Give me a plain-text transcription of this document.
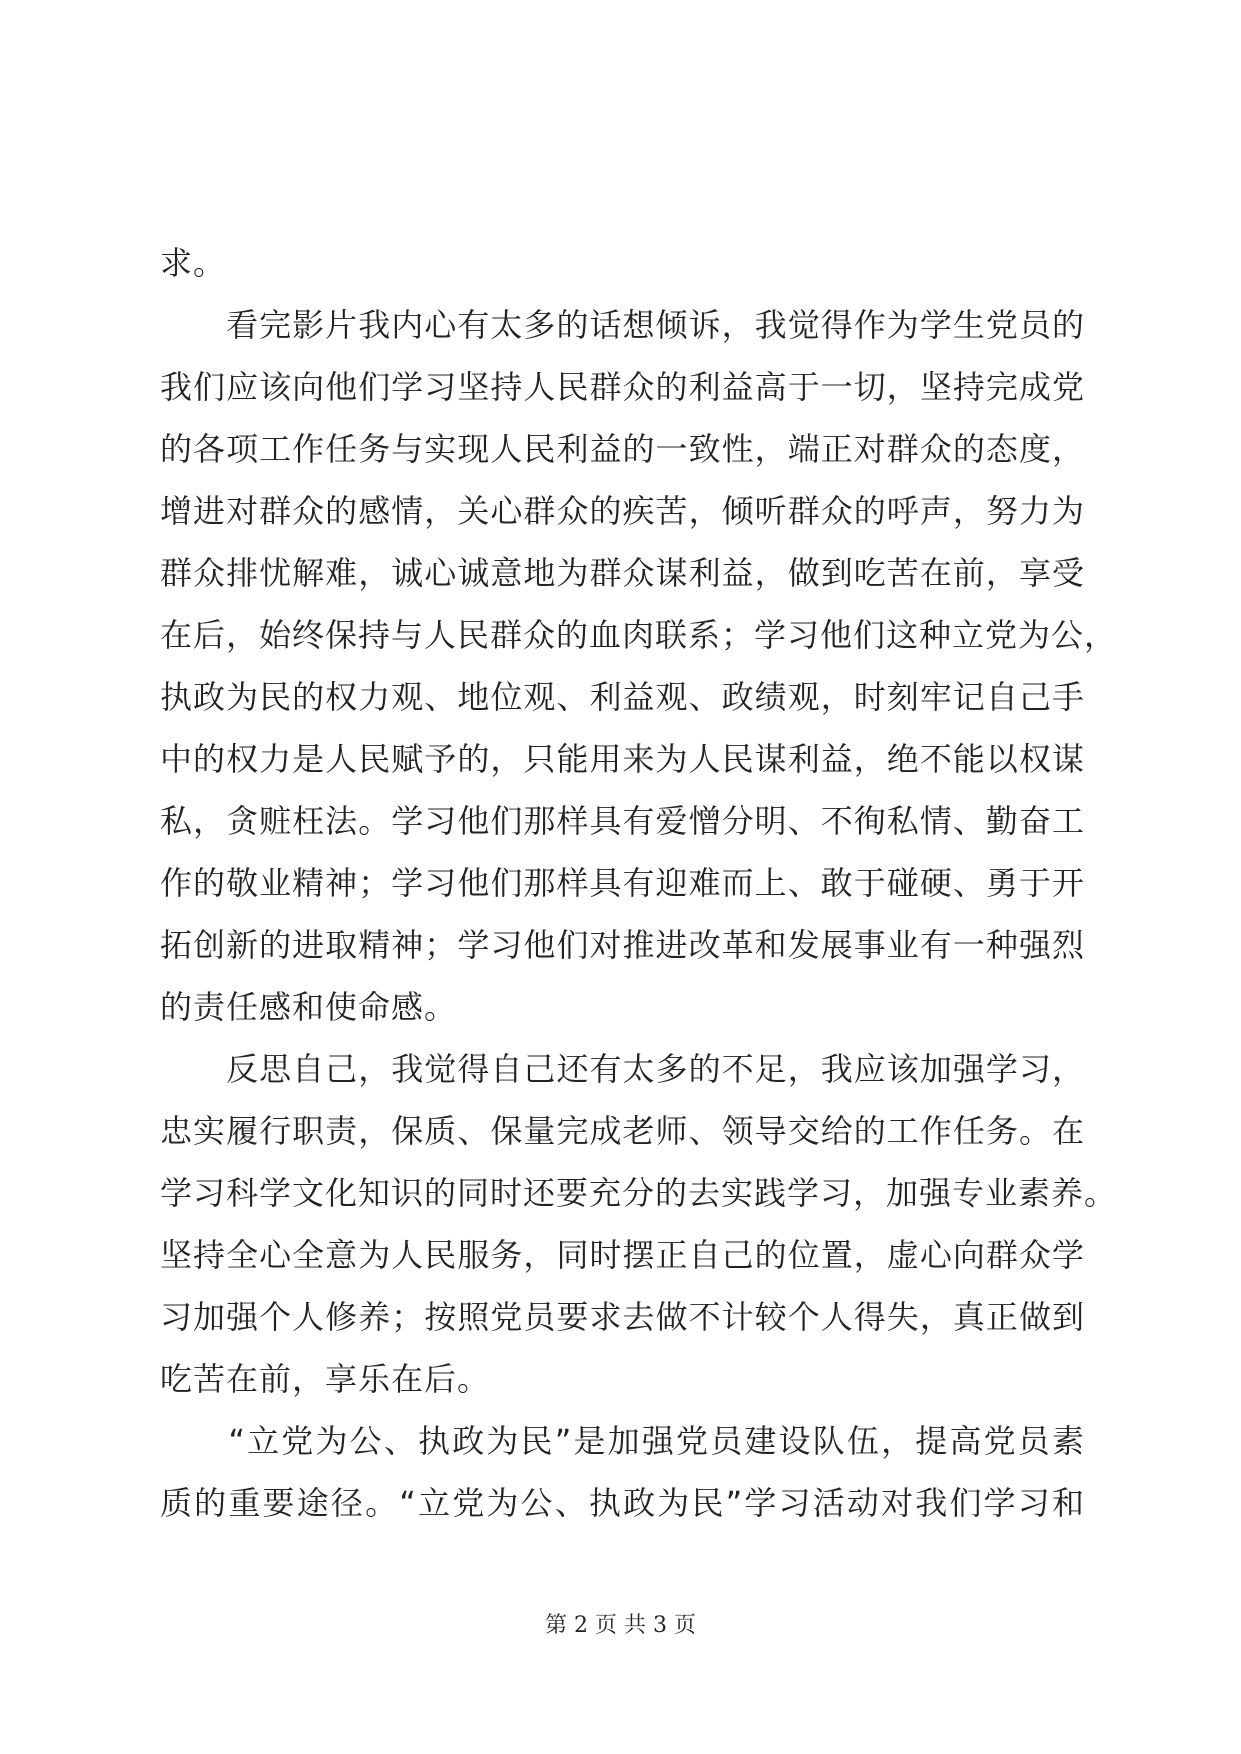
求。
　　看完影片我内心有太多的话想倾诉，我觉得作为学生党员的
我们应该向他们学习坚持人民群众的利益高于一切，坚持完成党
的各项工作任务与实现人民利益的一致性，端正对群众的态度，
增进对群众的感情，关心群众的疾苦，倾听群众的呼声，努力为
群众排忧解难，诚心诚意地为群众谋利益，做到吃苦在前，享受
在后，始终保持与人民群众的血肉联系；学习他们这种立党为公，
执政为民的权力观、地位观、利益观、政绩观，时刻牢记自己手
中的权力是人民赋予的，只能用来为人民谋利益，绝不能以权谋
私，贪赃枉法。学习他们那样具有爱憎分明、不徇私情、勤奋工
作的敬业精神；学习他们那样具有迎难而上、敢于碰硬、勇于开
拓创新的进取精神；学习他们对推进改革和发展事业有一种强烈
的责任感和使命感。
　　反思自己，我觉得自己还有太多的不足，我应该加强学习，
忠实履行职责，保质、保量完成老师、领导交给的工作任务。在
学习科学文化知识的同时还要充分的去实践学习，加强专业素养。
坚持全心全意为人民服务，同时摆正自己的位置，虚心向群众学
习加强个人修养；按照党员要求去做不计较个人得失，真正做到
吃苦在前，享乐在后。
　　“立党为公、执政为民”是加强党员建设队伍，提高党员素
质的重要途径。“立党为公、执政为民”学习活动对我们学习和
第 2 页 共 3 页
